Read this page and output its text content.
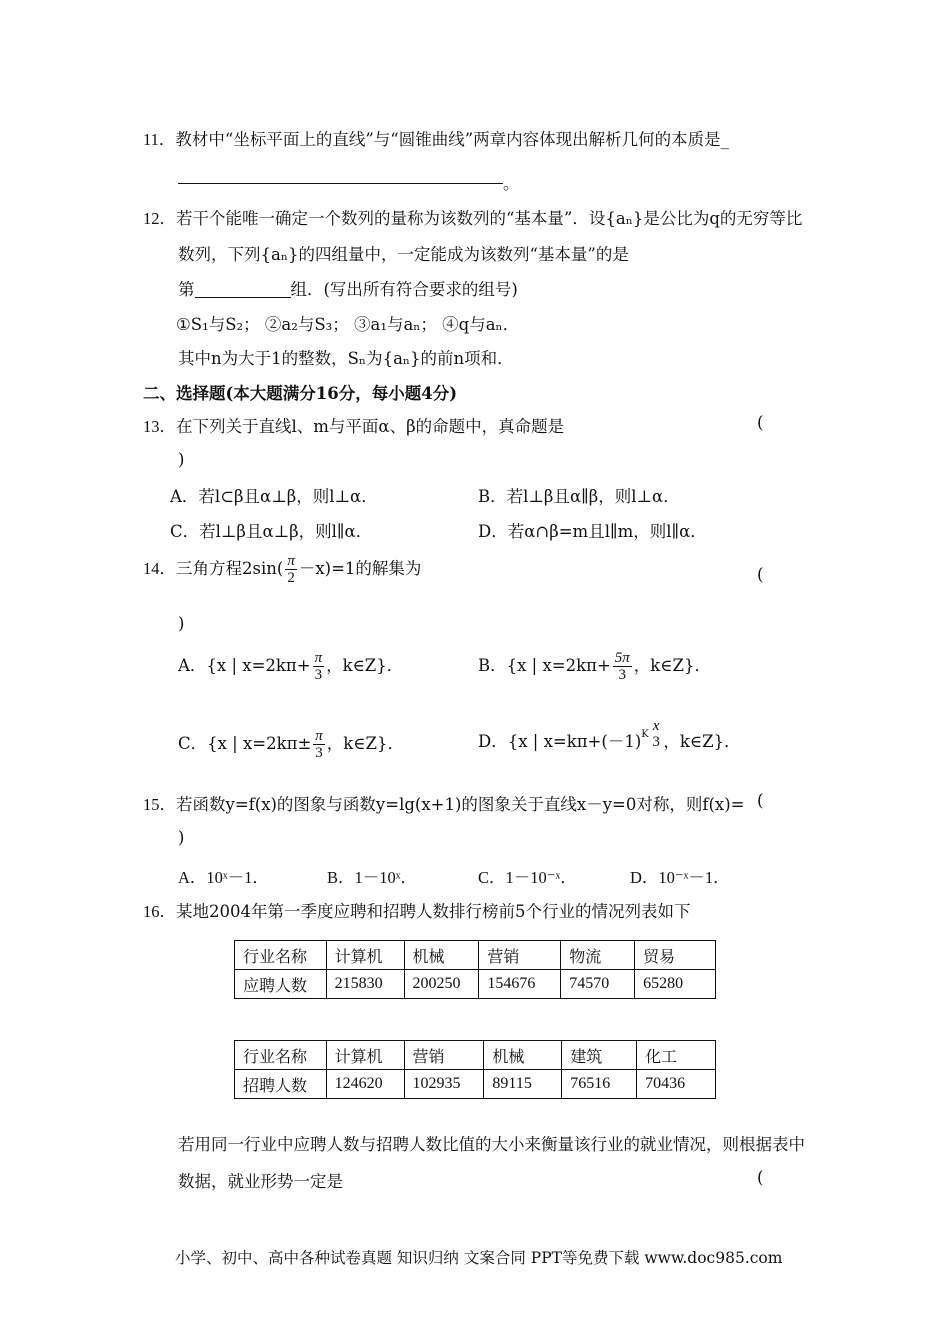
11．教材中“坐标平面上的直线”与“圆锥曲线”两章内容体现出解析几何的本质是_
。
12．若干个能唯一确定一个数列的量称为该数列的“基本量”．设{aₙ}是公比为q的无穷等比
数列，下列{aₙ}的四组量中，一定能成为该数列“基本量”的是
第	组．(写出所有符合要求的组号)
①S₁与S₂； ②a₂与S₃； ③a₁与aₙ； ④q与aₙ．
其中n为大于1的整数，Sₙ为{aₙ}的前n项和．
二、选择题(本大题满分16分，每小题4分)
13．在下列关于直线l、m与平面α、β的命题中，真命题是	(
)
A．若l⊂β且α⊥β，则l⊥α．	B．若l⊥β且α∥β，则l⊥α．
C．若l⊥β且α⊥β，则l∥α．	D．若α∩β=m且l∥m，则l∥α．
14．三角方程$2\sin( \frac{\pi}{2} -x)=1$的解集为	(
)
A．{x | $x=2k\pi+ \frac{\pi}{3}$ ，k∈Z}．	B．{x | $x=2k\pi+ \frac{5\pi}{3}$ ，k∈Z}．
C．{x | $x=2k\pi\pm \frac{\pi}{3}$ ，k∈Z}．	D．{x | $x=k\pi+(-1)_K$
x
3 ，k∈Z}．
15．若函数y=f(x)的图象与函数y=lg(x+1)的图象关于直线x－y=0对称，则f(x)= (
)
A．10ˣ－1．	B．1－10ˣ．	C．1－10⁻ˣ．	D．10⁻ˣ－1．
16．某地2004年第一季度应聘和招聘人数排行榜前5个行业的情况列表如下
行业名称	计算机	机械	营销	物流	贸易
应聘人数	215830	200250	154676	74570	65280
行业名称	计算机	营销	机械	建筑	化工
招聘人数	124620	102935	89115	76516	70436
若用同一行业中应聘人数与招聘人数比值的大小来衡量该行业的就业情况，则根据表中
数据，就业形势一定是	(
小学、初中、高中各种试卷真题 知识归纳 文案合同 PPT等免费下载 www.doc985.com
